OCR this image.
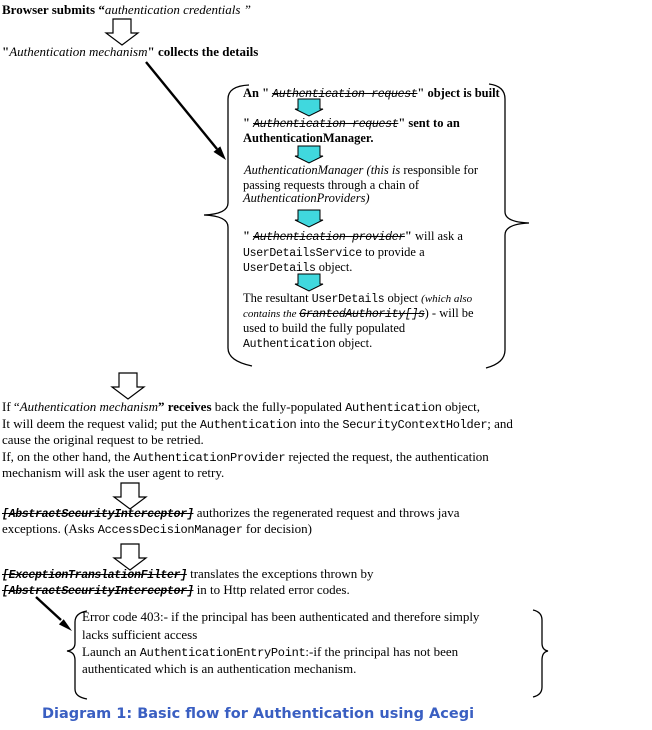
Browser submits “authentication credentials ”
"Authentication mechanism" collects the details
An " Authentication request" object is built
" Authentication request" sent to an
AuthenticationManager.
AuthenticationManager (this is responsible for
passing requests through a chain of
AuthenticationProviders)
" Authentication provider" will ask a
UserDetailsService to provide a
UserDetails object.
The resultant UserDetails object (which also
contains the GrantedAuthority[]s) - will be
used to build the fully populated
Authentication object.
If “Authentication mechanism” receives back the fully-populated Authentication object,
It will deem the request valid; put the Authentication into the SecurityContextHolder; and
cause the original request to be retried.
If, on the other hand, the AuthenticationProvider rejected the request, the authentication
mechanism will ask the user agent to retry.
[AbstractSecurityInterceptor] authorizes the regenerated request and throws java
exceptions. (Asks AccessDecisionManager for decision)
[ExceptionTranslationFilter] translates the exceptions thrown by
[AbstractSecurityInterceptor] in to Http related error codes.
Error code 403:- if the principal has been authenticated and therefore simply
lacks sufficient access
Launch an AuthenticationEntryPoint:-if the principal has not been
authenticated which is an authentication mechanism.
Diagram 1: Basic flow for Authentication using Acegi
